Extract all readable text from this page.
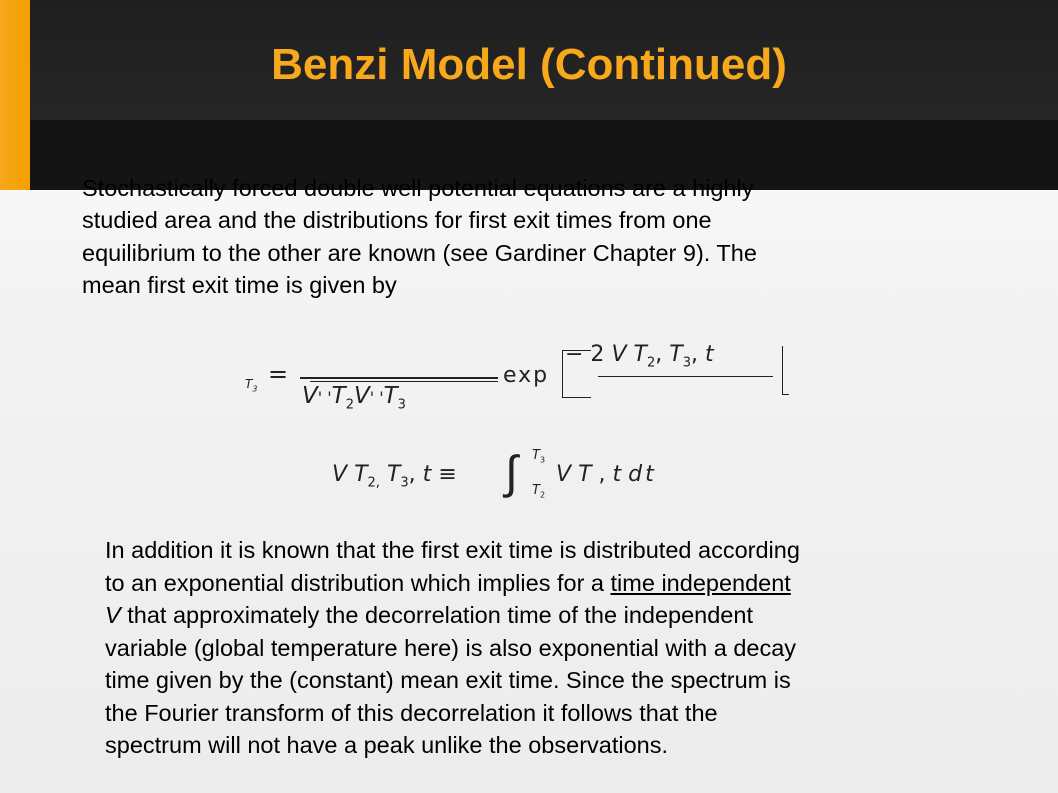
Benzi Model (Continued)
Stochastically forced double well potential equations are a highly
studied area and the distributions for first exit times from one
equilibrium to the other are known (see Gardiner Chapter 9). The
mean first exit time is given by
$T_3$
=
V' '$T_2V$' '$T_3$
exp
− 2 V $T_2$, $T_3$, t
V $T_{2,}$ $T_3$, t ≡ ∫ $T_3$
$T_2$
V T , t dt
In addition it is known that the first exit time is distributed according
to an exponential distribution which implies for a time independent
V that approximately the decorrelation time of the independent
variable (global temperature here) is also exponential with a decay
time given by the (constant) mean exit time. Since the spectrum is
the Fourier transform of this decorrelation it follows that the
spectrum will not have a peak unlike the observations.
